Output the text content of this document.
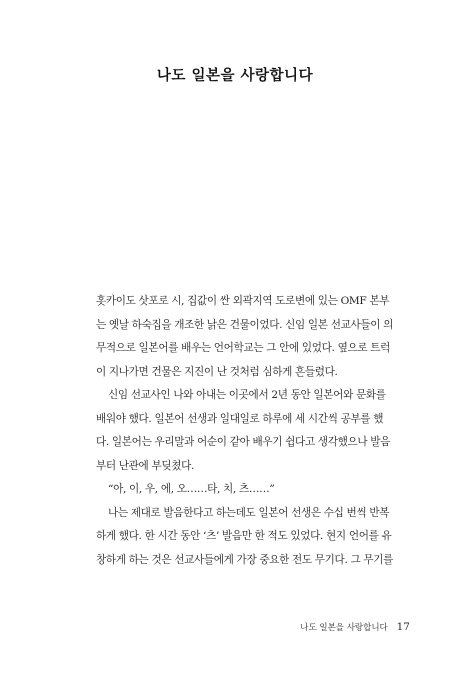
나도 일본을 사랑합니다
홋카이도 삿포로 시, 집값이 싼 외곽지역 도로변에 있는 OMF 본부
는 옛날 하숙집을 개조한 낡은 건물이었다. 신임 일본 선교사들이 의
무적으로 일본어를 배우는 언어학교는 그 안에 있었다. 옆으로 트럭
이 지나가면 건물은 지진이 난 것처럼 심하게 흔들렸다.
신임 선교사인 나와 아내는 이곳에서 2년 동안 일본어와 문화를
배워야 했다. 일본어 선생과 일대일로 하루에 세 시간씩 공부를 했
다. 일본어는 우리말과 어순이 같아 배우기 쉽다고 생각했으나 발음
부터 난관에 부딪쳤다.
“아, 이, 우, 에, 오……타, 치, 츠……”
나는 제대로 발음한다고 하는데도 일본어 선생은 수십 번씩 반복
하게 했다. 한 시간 동안 ‘츠’ 발음만 한 적도 있었다. 현지 언어를 유
창하게 하는 것은 선교사들에게 가장 중요한 전도 무기다. 그 무기를
나도 일본을 사랑합니다 17
